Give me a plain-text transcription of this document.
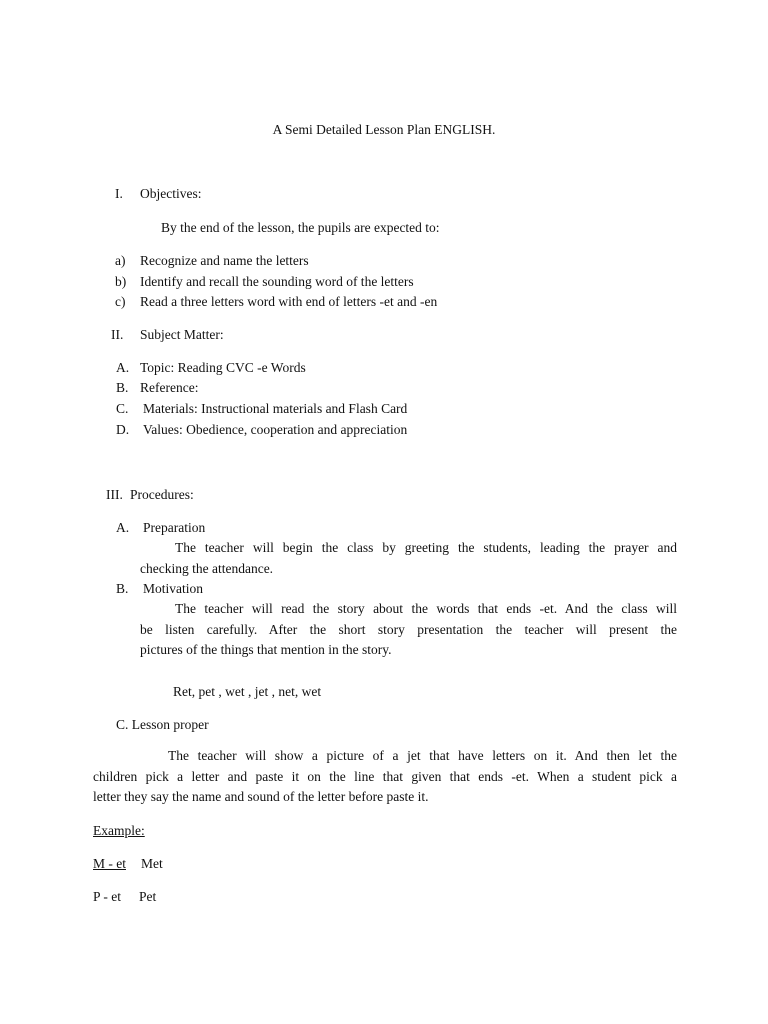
A Semi Detailed Lesson Plan ENGLISH.
I. Objectives:
By the end of the lesson, the pupils are expected to:
a) Recognize and name the letters
b) Identify and recall the sounding word of the letters
c) Read a three letters word with end of letters -et and -en
II. Subject Matter:
A. Topic: Reading CVC -e Words
B. Reference:
C. Materials: Instructional materials and Flash Card
D. Values: Obedience, cooperation and appreciation
III. Procedures:
A. Preparation
The teacher will begin the class by greeting the students, leading the prayer and
checking the attendance.
B. Motivation
The teacher will read the story about the words that ends -et. And the class will
be listen carefully. After the short story presentation the teacher will present the
pictures of the things that mention in the story.
Ret, pet , wet , jet , net, wet
C. Lesson proper
The teacher will show a picture of a jet that have letters on it. And then let the
children pick a letter and paste it on the line that given that ends -et. When a student pick a
letter they say the name and sound of the letter before paste it.
Example:
M - et Met
P - et Pet
